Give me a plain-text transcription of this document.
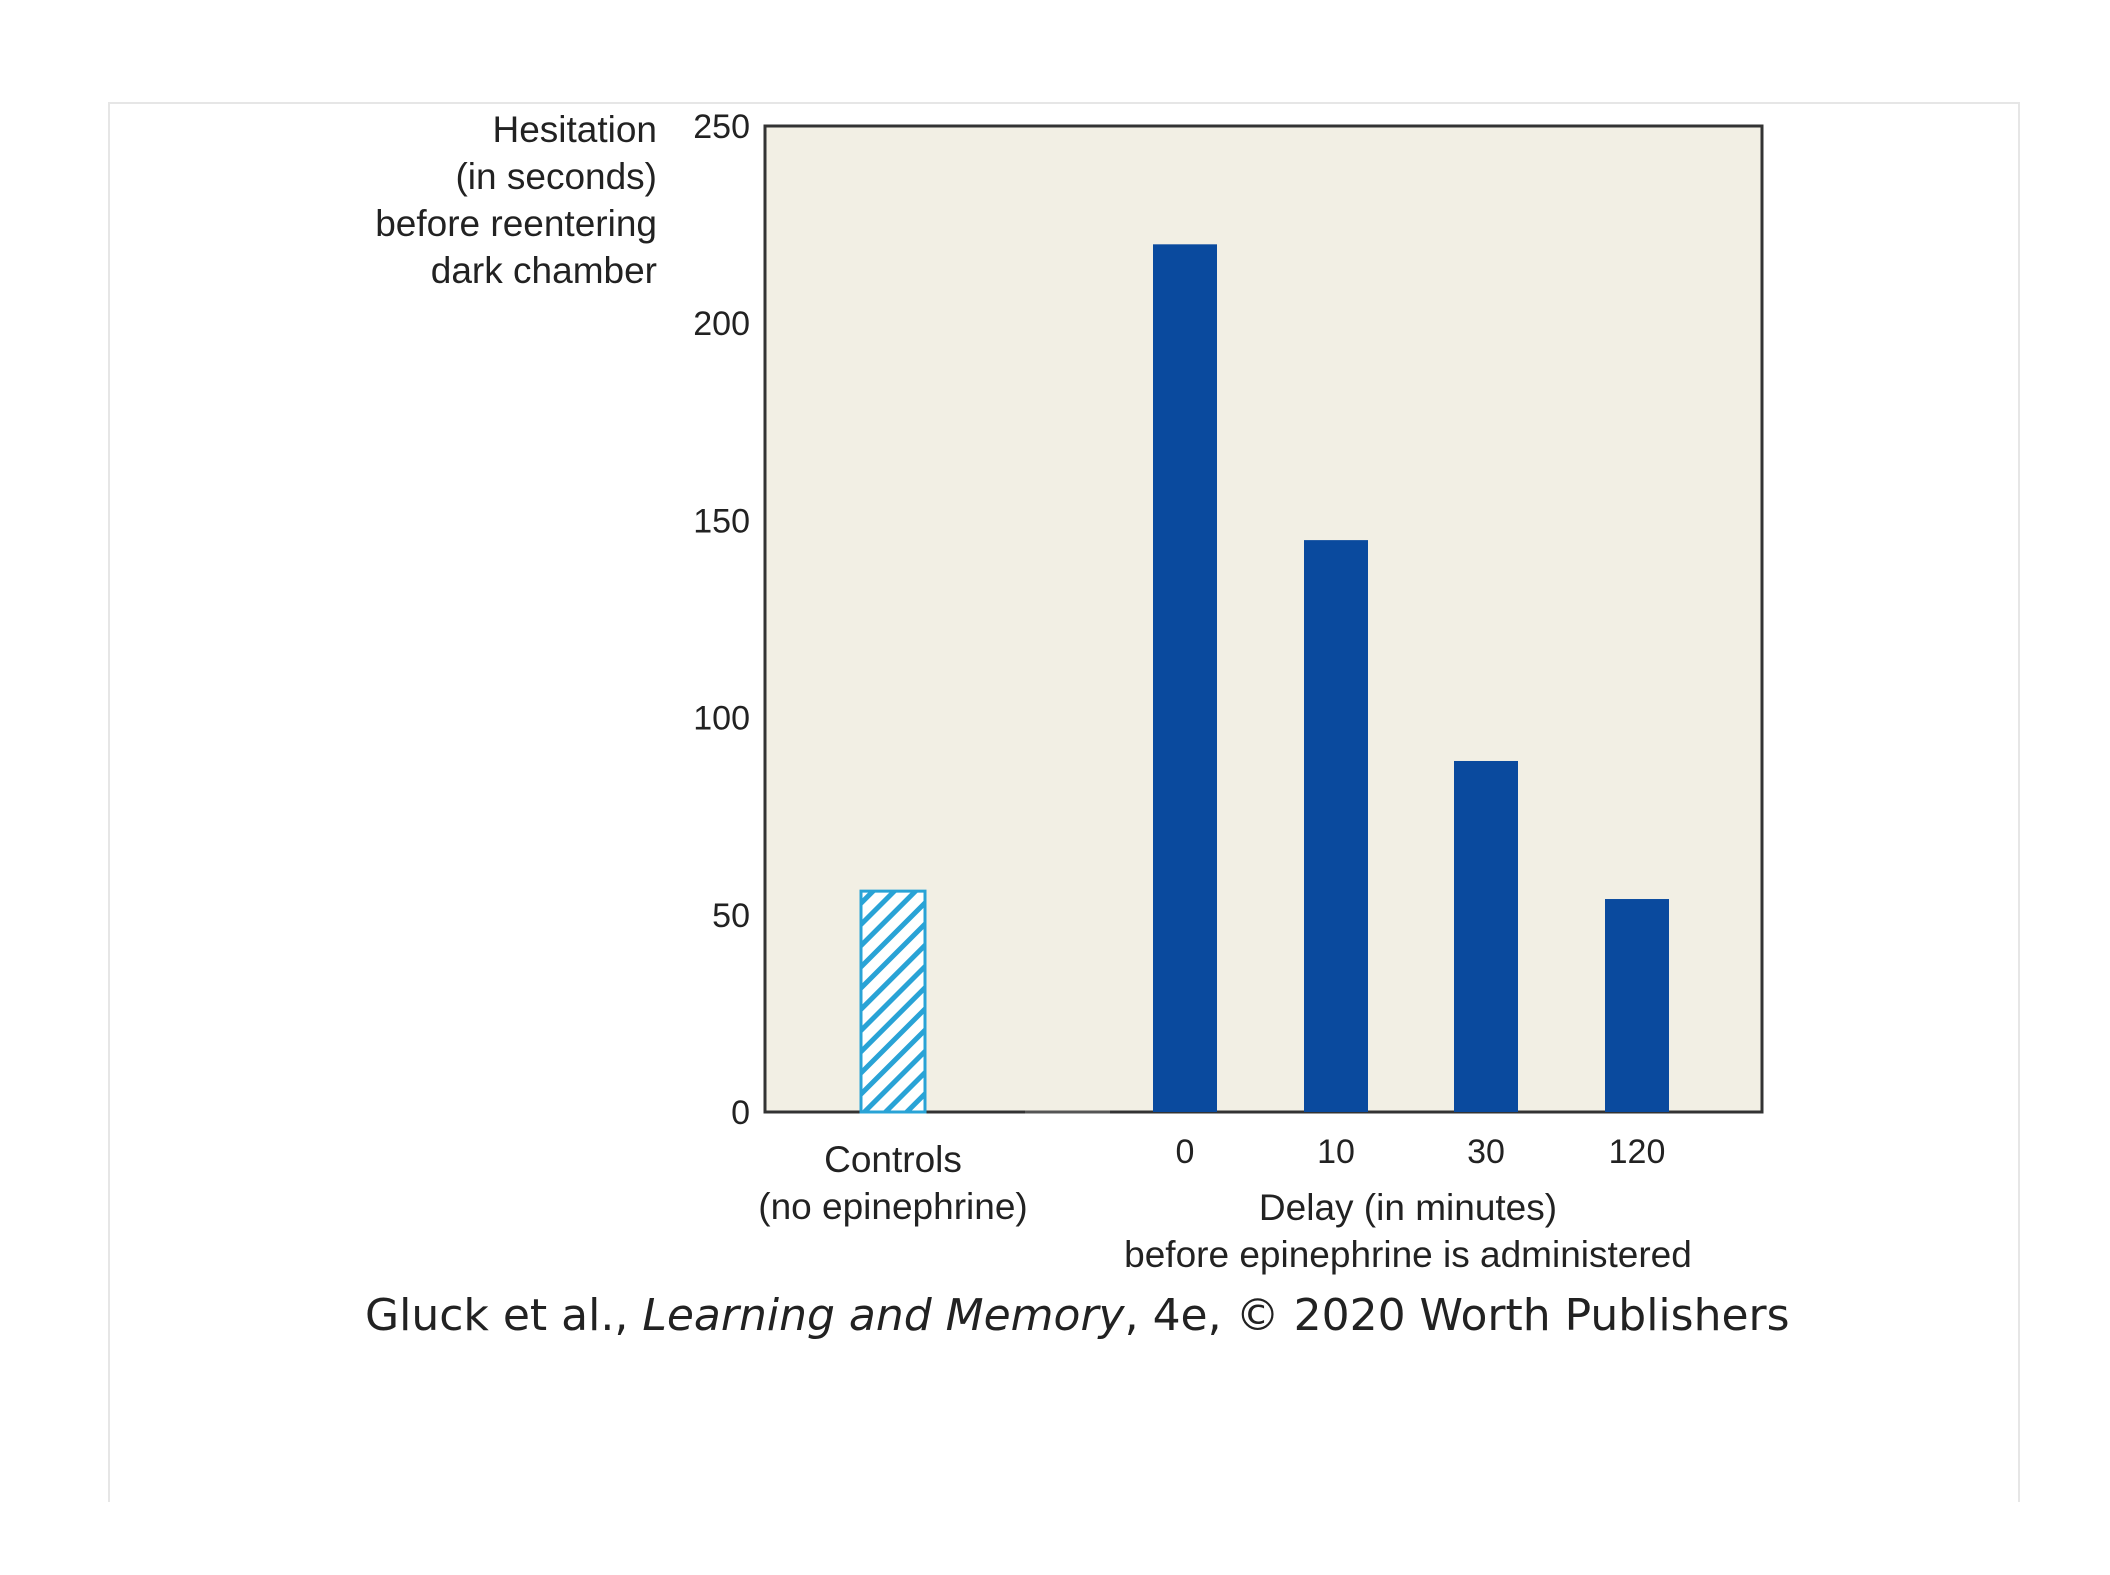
0
50
100
150
200
250
Hesitation
(in seconds)
before reentering
dark chamber
Controls
(no epinephrine)
0	10	30	120
Delay (in minutes)
before epinephrine is administered
Gluck et al., Learning and Memory, 4e, © 2020 Worth Publishers
